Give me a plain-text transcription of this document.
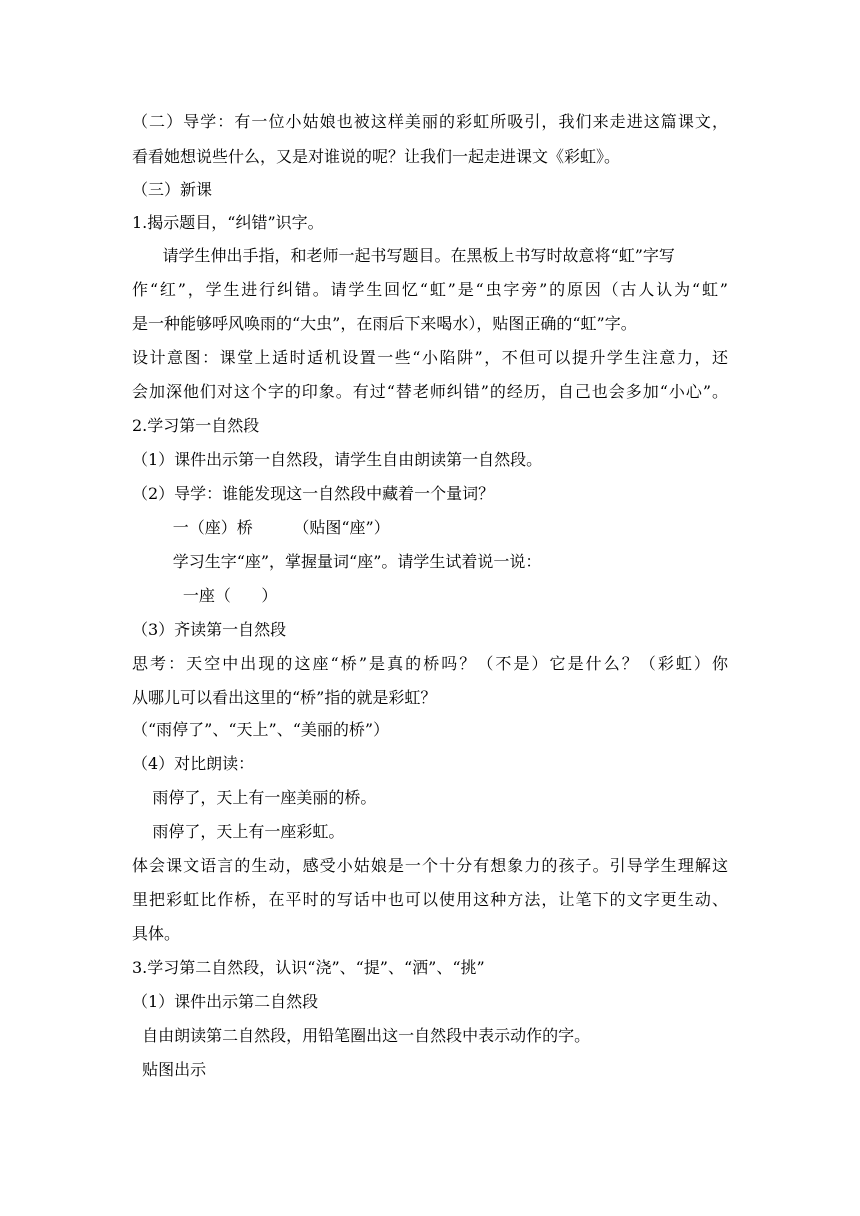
（二）导学：有一位小姑娘也被这样美丽的彩虹所吸引，我们来走进这篇课文，

看看她想说些什么，又是对谁说的呢？让我们一起走进课文《彩虹》。

（三）新课

1.揭示题目，“纠错”识字。

请学生伸出手指，和老师一起书写题目。在黑板上书写时故意将“虹”字写

作“红”，学生进行纠错。请学生回忆“虹”是“虫字旁”的原因（古人认为“虹”

是一种能够呼风唤雨的“大虫”，在雨后下来喝水），贴图正确的“虹”字。

设计意图：课堂上适时适机设置一些“小陷阱”，不但可以提升学生注意力，还

会加深他们对这个字的印象。有过“替老师纠错”的经历，自己也会多加“小心”。

2.学习第一自然段

（1）课件出示第一自然段，请学生自由朗读第一自然段。

（2）导学：谁能发现这一自然段中藏着一个量词？

一（座）桥        （贴图“座”）

学习生字“座”，掌握量词“座”。请学生试着说一说：

一座（      ）

（3）齐读第一自然段

思考：天空中出现的这座“桥”是真的桥吗？（不是）它是什么？（彩虹）你

从哪儿可以看出这里的“桥”指的就是彩虹？

（“雨停了”、“天上”、“美丽的桥”）

（4）对比朗读：

雨停了，天上有一座美丽的桥。

雨停了，天上有一座彩虹。

体会课文语言的生动，感受小姑娘是一个十分有想象力的孩子。引导学生理解这

里把彩虹比作桥，在平时的写话中也可以使用这种方法，让笔下的文字更生动、

具体。

3.学习第二自然段，认识“浇”、“提”、“洒”、“挑”

（1）课件出示第二自然段

自由朗读第二自然段，用铅笔圈出这一自然段中表示动作的字。

贴图出示
